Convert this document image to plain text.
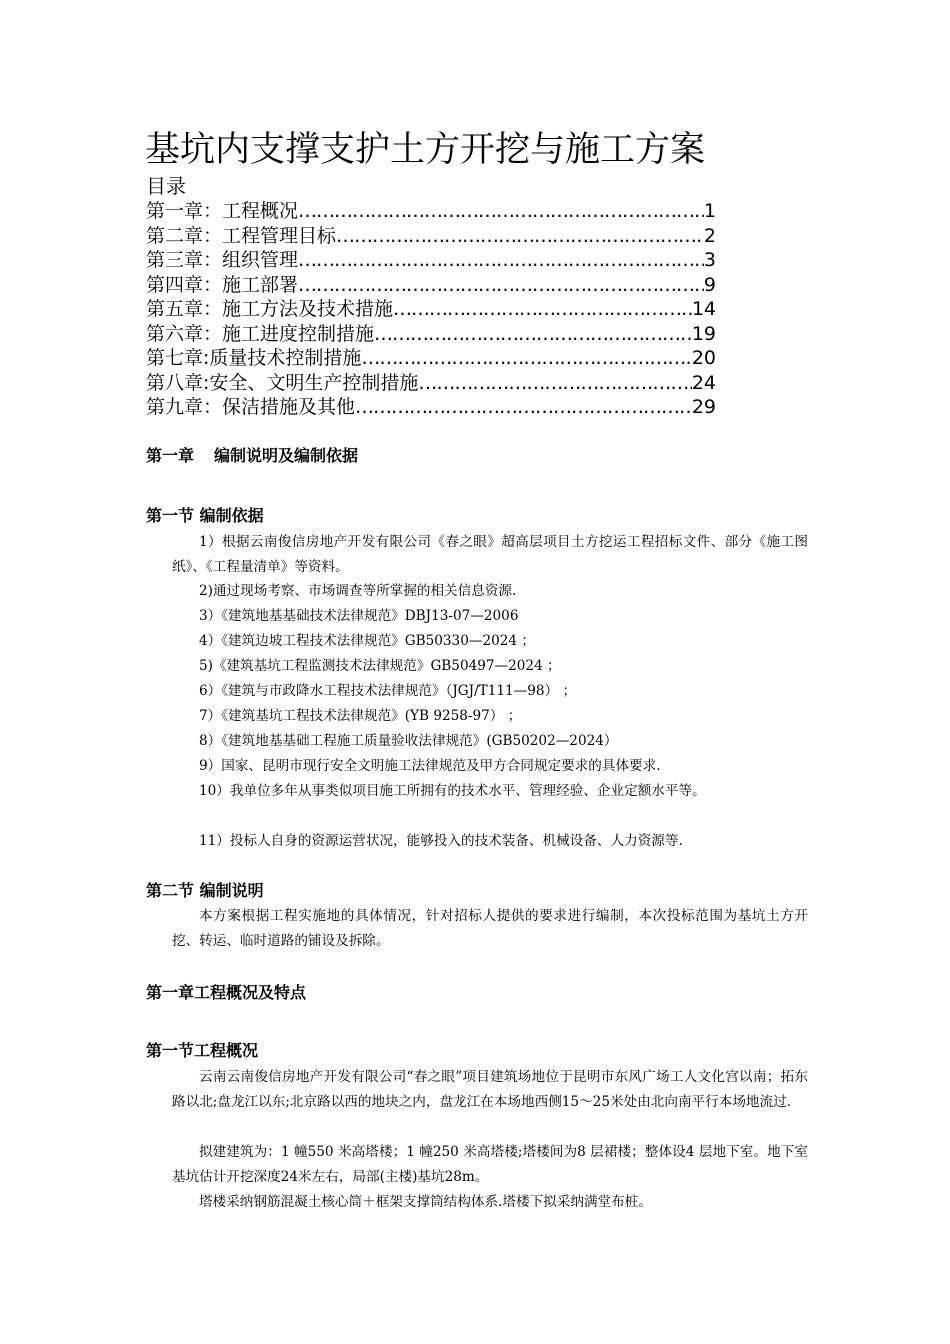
基坑内支撑支护土方开挖与施工方案
目录
第一章：工程概况 ………………………………………………………………………………………………………………	1
第二章：工程管理目标 ………………………………………………………………………………………………………………	2
第三章：组织管理 ………………………………………………………………………………………………………………	3
第四章：施工部署 ………………………………………………………………………………………………………………	9
第五章：施工方法及技术措施 ………………………………………………………………………………………………………………	14
第六章：施工进度控制措施 ………………………………………………………………………………………………………………	19
第七章:质量技术控制措施 ………………………………………………………………………………………………………………	20
第八章:安全、文明生产控制措施 ………………………………………………………………………………………………………………	24
第九章：保洁措施及其他 ………………………………………………………………………………………………………………	29
第一章 编制说明及编制依据
第一节 编制依据
1）根据云南俊信房地产开发有限公司《春之眼》超高层项目土方挖运工程招标文件、部分《施工图纸》、《工程量清单》等资料。
2)通过现场考察、市场调查等所掌握的相关信息资源.
3）《建筑地基基础技术法律规范》DBJ13-07—2006
4）《建筑边坡工程技术法律规范》GB50330—2024 ；
5)《建筑基坑工程监测技术法律规范》GB50497—2024 ；
6）《建筑与市政降水工程技术法律规范》（JGJ/T111—98） ；
7）《建筑基坑工程技术法律规范》(YB 9258-97） ；
8）《建筑地基基础工程施工质量验收法律规范》(GB50202—2024）
9）国家、昆明市现行安全文明施工法律规范及甲方合同规定要求的具体要求.
10）我单位多年从事类似项目施工所拥有的技术水平、管理经验、企业定额水平等。
11）投标人自身的资源运营状况，能够投入的技术装备、机械设备、人力资源等.
第二节 编制说明
本方案根据工程实施地的具体情况，针对招标人提供的要求进行编制，本次投标范围为基坑土方开挖、转运、临时道路的铺设及拆除。
第一章工程概况及特点
第一节工程概况
云南云南俊信房地产开发有限公司“春之眼”项目建筑场地位于昆明市东风广场工人文化宫以南；拓东路以北;盘龙江以东;北京路以西的地块之内，盘龙江在本场地西侧15～25米处由北向南平行本场地流过.
拟建建筑为：1 幢550 米高塔楼；1 幢250 米高塔楼;塔楼间为8 层裙楼；整体设4 层地下室。地下室基坑估计开挖深度24米左右，局部(主楼)基坑28m。
塔楼采纳钢筋混凝土核心筒＋框架支撑筒结构体系.塔楼下拟采纳满堂布桩。
